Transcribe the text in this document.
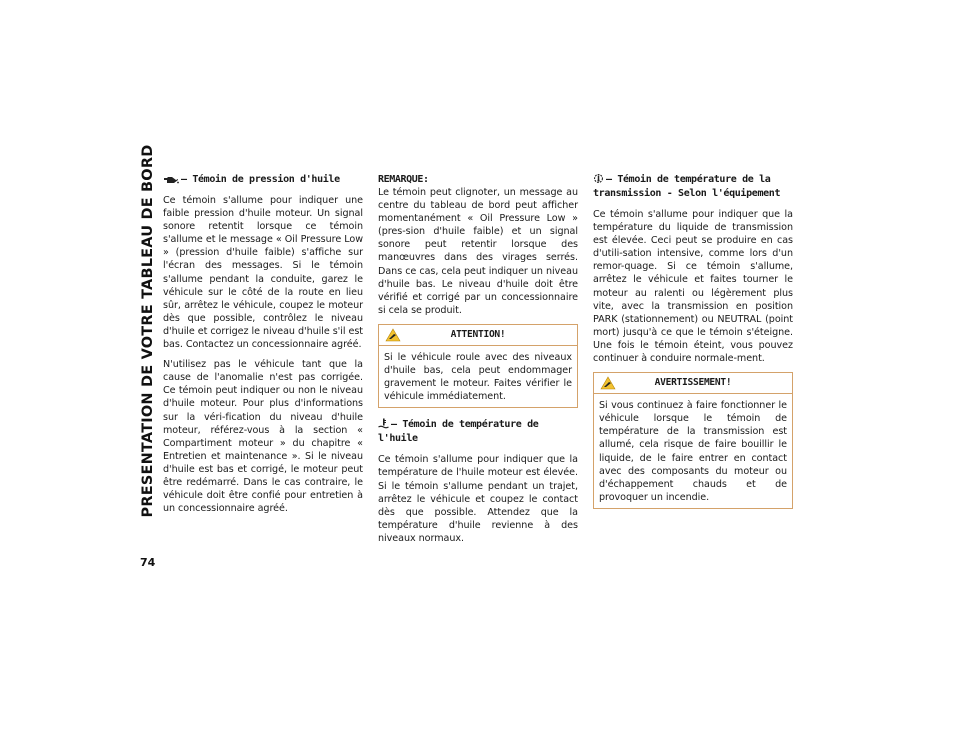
PRESENTATION DE VOTRE TABLEAU DE BORD	— Témoin de pression d'huile

Ce témoin s'allume pour indiquer une faible pression d'huile moteur. Un signal sonore retentit lorsque ce témoin s'allume et le message « Oil Pressure Low » (pression d'huile faible) s'affiche sur l'écran des messages. Si le témoin s'allume pendant la conduite, garez le véhicule sur le côté de la route en lieu sûr, arrêtez le véhicule, coupez le moteur dès que possible, contrôlez le niveau d'huile et corrigez le niveau d'huile s'il est bas. Contactez un concessionnaire agréé.

N'utilisez pas le véhicule tant que la cause de l'anomalie n'est pas corrigée. Ce témoin peut indiquer ou non le niveau d'huile moteur. Pour plus d'informations sur la véri-fication du niveau d'huile moteur, référez-vous à la section « Compartiment moteur » du chapitre « Entretien et maintenance ». Si le niveau d'huile est bas et corrigé, le moteur peut être redémarré. Dans le cas contraire, le véhicule doit être confié pour entretien à un concessionnaire agréé.

REMARQUE:

Le témoin peut clignoter, un message au centre du tableau de bord peut afficher momentanément « Oil Pressure Low » (pres-sion d'huile faible) et un signal sonore peut retentir lorsque des manœuvres dans des virages serrés. Dans ce cas, cela peut indiquer un niveau d'huile bas. Le niveau d'huile doit être vérifié et corrigé par un concessionnaire si cela se produit.

ATTENTION!

Si le véhicule roule avec des niveaux d'huile bas, cela peut endommager gravement le moteur. Faites vérifier le véhicule immédiatement.

– Témoin de température de l'huile

Ce témoin s'allume pour indiquer que la température de l'huile moteur est élevée. Si le témoin s'allume pendant un trajet, arrêtez le véhicule et coupez le contact dès que possible. Attendez que la température d'huile revienne à des niveaux normaux.

— Témoin de température de la
transmission - Selon l'équipement

Ce témoin s'allume pour indiquer que la température du liquide de transmission est élevée. Ceci peut se produire en cas d'utili-sation intensive, comme lors d'un remor-quage. Si ce témoin s'allume, arrêtez le véhicule et faites tourner le moteur au ralenti ou légèrement plus vite, avec la transmission en position PARK (stationnement) ou NEUTRAL (point mort) jusqu'à ce que le témoin s'éteigne. Une fois le témoin éteint, vous pouvez continuer à conduire normale-ment.

AVERTISSEMENT!

Si vous continuez à faire fonctionner le véhicule lorsque le témoin de température de la transmission est allumé, cela risque de faire bouillir le liquide, de le faire entrer en contact avec des composants du moteur ou d'échappement chauds et de provoquer un incendie.

74
